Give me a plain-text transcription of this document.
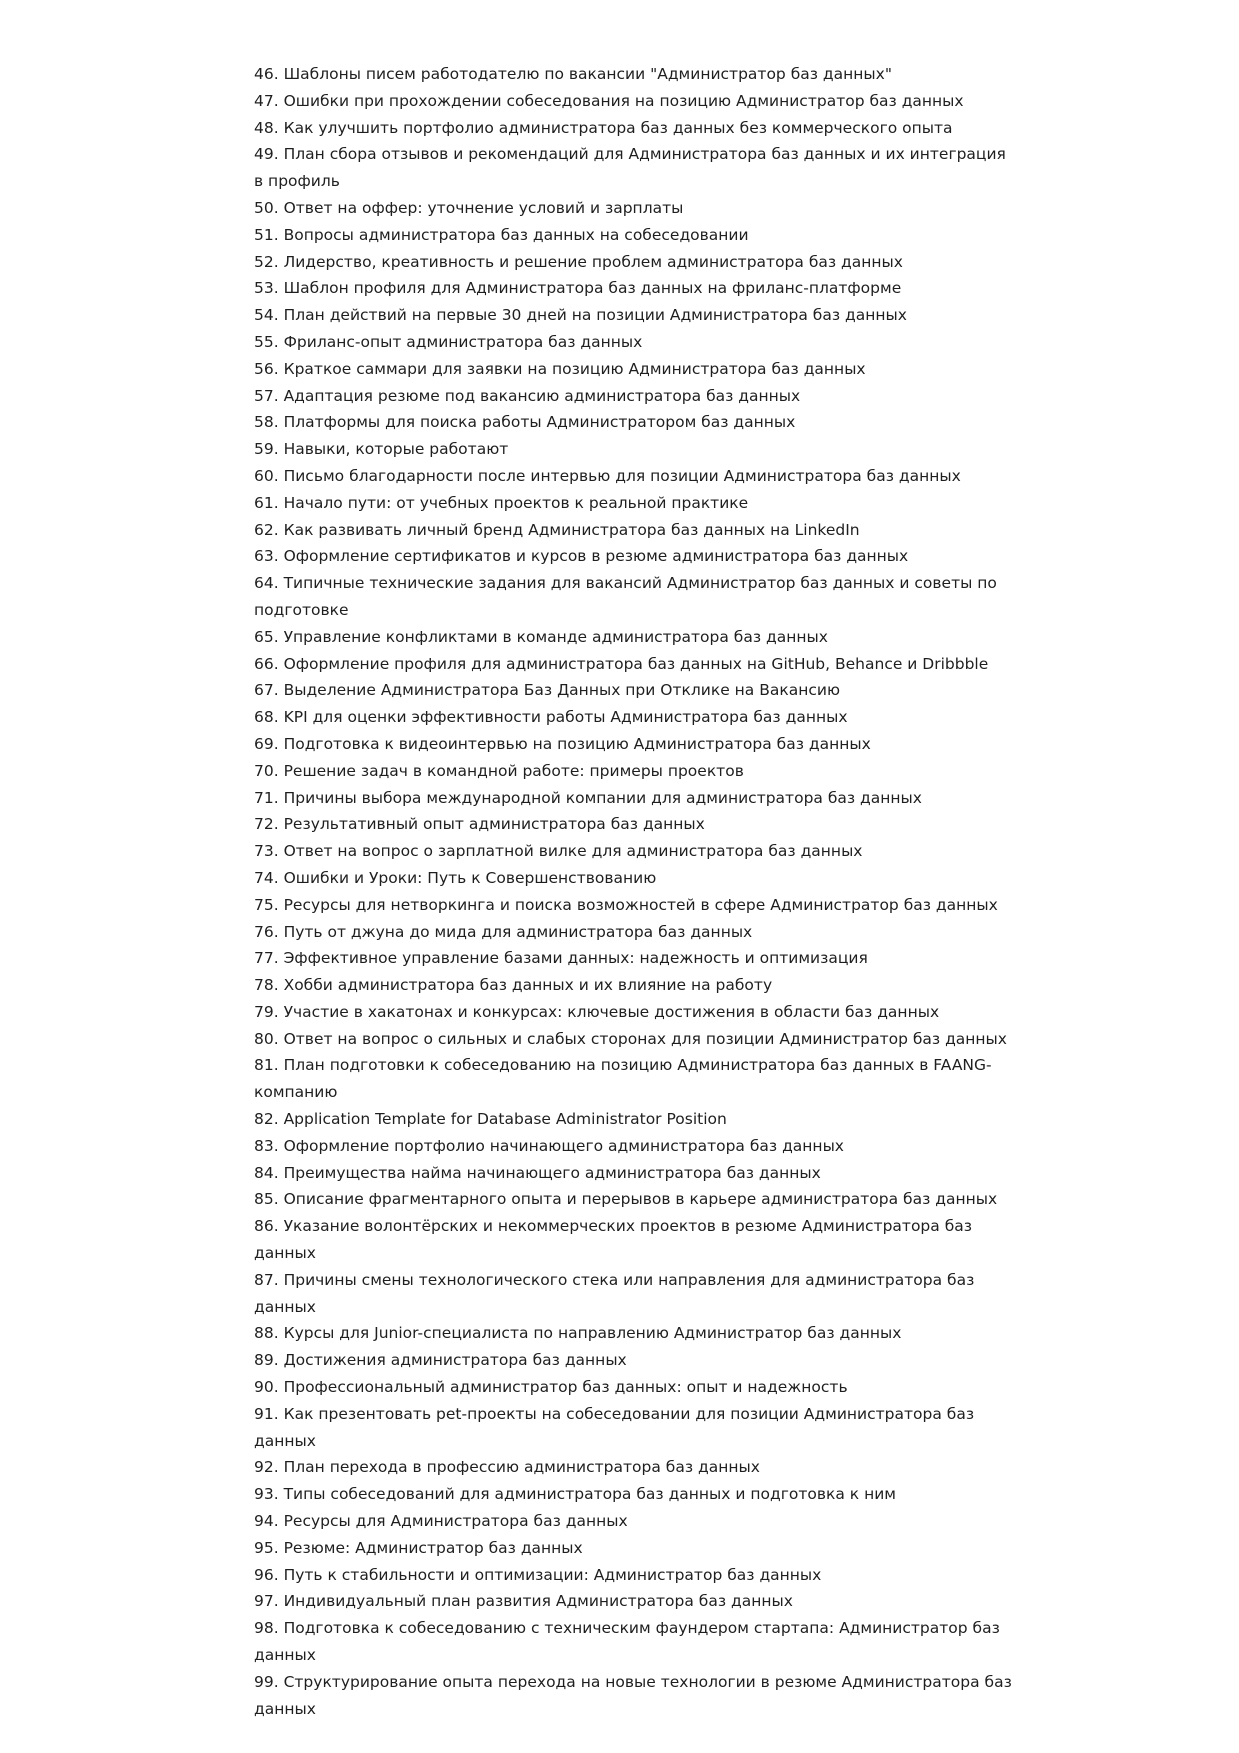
46. Шаблоны писем работодателю по вакансии "Администратор баз данных"
47. Ошибки при прохождении собеседования на позицию Администратор баз данных
48. Как улучшить портфолио администратора баз данных без коммерческого опыта
49. План сбора отзывов и рекомендаций для Администратора баз данных и их интеграция в профиль
50. Ответ на оффер: уточнение условий и зарплаты
51. Вопросы администратора баз данных на собеседовании
52. Лидерство, креативность и решение проблем администратора баз данных
53. Шаблон профиля для Администратора баз данных на фриланс-платформе
54. План действий на первые 30 дней на позиции Администратора баз данных
55. Фриланс-опыт администратора баз данных
56. Краткое саммари для заявки на позицию Администратора баз данных
57. Адаптация резюме под вакансию администратора баз данных
58. Платформы для поиска работы Администратором баз данных
59. Навыки, которые работают
60. Письмо благодарности после интервью для позиции Администратора баз данных
61. Начало пути: от учебных проектов к реальной практике
62. Как развивать личный бренд Администратора баз данных на LinkedIn
63. Оформление сертификатов и курсов в резюме администратора баз данных
64. Типичные технические задания для вакансий Администратор баз данных и советы по подготовке
65. Управление конфликтами в команде администратора баз данных
66. Оформление профиля для администратора баз данных на GitHub, Behance и Dribbble
67. Выделение Администратора Баз Данных при Отклике на Вакансию
68. KPI для оценки эффективности работы Администратора баз данных
69. Подготовка к видеоинтервью на позицию Администратора баз данных
70. Решение задач в командной работе: примеры проектов
71. Причины выбора международной компании для администратора баз данных
72. Результативный опыт администратора баз данных
73. Ответ на вопрос о зарплатной вилке для администратора баз данных
74. Ошибки и Уроки: Путь к Совершенствованию
75. Ресурсы для нетворкинга и поиска возможностей в сфере Администратор баз данных
76. Путь от джуна до мида для администратора баз данных
77. Эффективное управление базами данных: надежность и оптимизация
78. Хобби администратора баз данных и их влияние на работу
79. Участие в хакатонах и конкурсах: ключевые достижения в области баз данных
80. Ответ на вопрос о сильных и слабых сторонах для позиции Администратор баз данных
81. План подготовки к собеседованию на позицию Администратора баз данных в FAANG-компанию
82. Application Template for Database Administrator Position
83. Оформление портфолио начинающего администратора баз данных
84. Преимущества найма начинающего администратора баз данных
85. Описание фрагментарного опыта и перерывов в карьере администратора баз данных
86. Указание волонтёрских и некоммерческих проектов в резюме Администратора баз данных
87. Причины смены технологического стека или направления для администратора баз данных
88. Курсы для Junior-специалиста по направлению Администратор баз данных
89. Достижения администратора баз данных
90. Профессиональный администратор баз данных: опыт и надежность
91. Как презентовать pet-проекты на собеседовании для позиции Администратора баз данных
92. План перехода в профессию администратора баз данных
93. Типы собеседований для администратора баз данных и подготовка к ним
94. Ресурсы для Администратора баз данных
95. Резюме: Администратор баз данных
96. Путь к стабильности и оптимизации: Администратор баз данных
97. Индивидуальный план развития Администратора баз данных
98. Подготовка к собеседованию с техническим фаундером стартапа: Администратор баз данных
99. Структурирование опыта перехода на новые технологии в резюме Администратора баз данных
